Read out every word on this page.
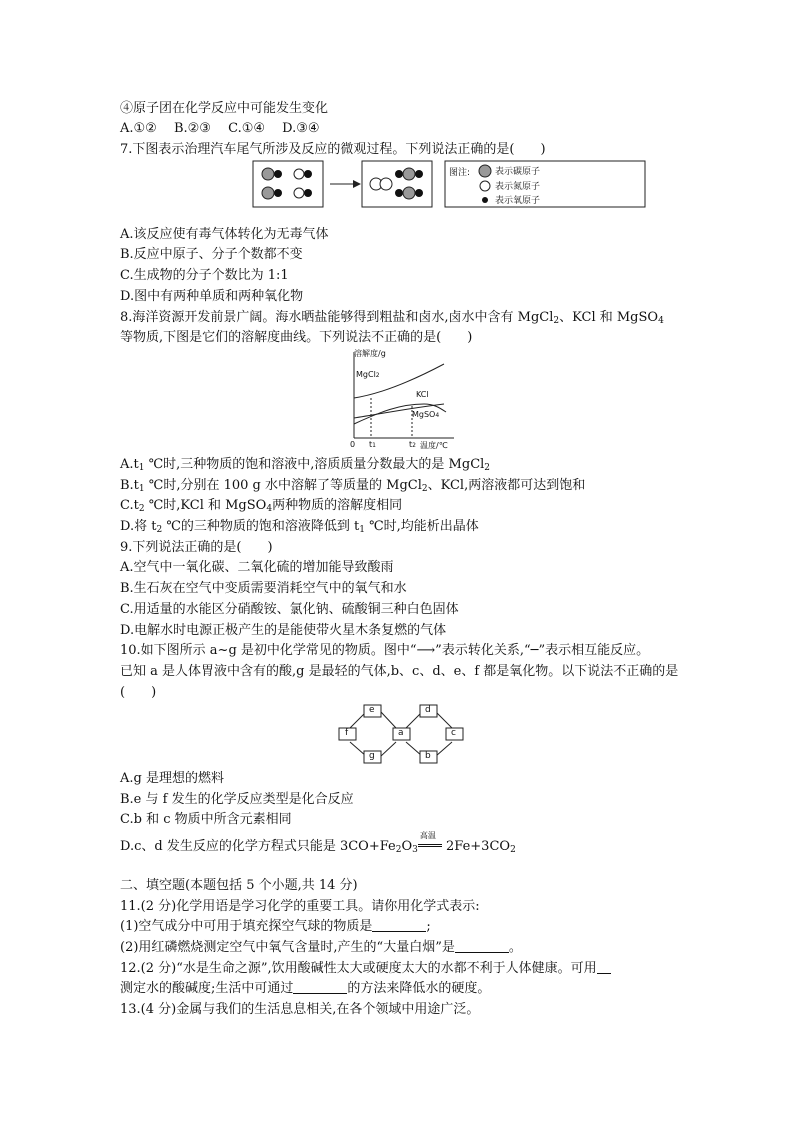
④原子团在化学反应中可能发生变化
A.①②　 B.②③　 C.①④　 D.③④
7.下图表示治理汽车尾气所涉及反应的微观过程。下列说法正确的是(　　)
图注:	表示碳原子
表示氮原子
表示氧原子
A.该反应使有毒气体转化为无毒气体
B.反应中原子、分子个数都不变
C.生成物的分子个数比为 1:1
D.图中有两种单质和两种氧化物
8.海洋资源开发前景广阔。海水晒盐能够得到粗盐和卤水,卤水中含有 MgCl$_2$、KCl 和 MgSO$_4$
等物质,下图是它们的溶解度曲线。下列说法不正确的是(　　)
溶解度/g
MgCl2
KCl
MgSO4
0 t1	t2 温度/℃
$A.t_1$ ℃时,三种物质的饱和溶液中,溶质质量分数最大的是 MgCl$_2$
$B.t_1$ ℃时,分别在 100 g 水中溶解了等质量的 MgCl$_2$、KCl,两溶液都可达到饱和
$C.t_2$ ℃时,KCl 和 MgSO$_4$两种物质的溶解度相同
D.将 $t_2$ ℃的三种物质的饱和溶液降低到 $t_1$ ℃时,均能析出晶体
9.下列说法正确的是(　　)
A.空气中一氧化碳、二氧化硫的增加能导致酸雨
B.生石灰在空气中变质需要消耗空气中的氧气和水
C.用适量的水能区分硝酸铵、氯化钠、硫酸铜三种白色固体
D.电解水时电源正极产生的是能使带火星木条复燃的气体
10.如下图所示 a~g 是初中化学常见的物质。图中“⟶”表示转化关系,“─”表示相互能反应。
已知 a 是人体胃液中含有的酸,g 是最轻的气体,b、c、d、e、f 都是氧化物。以下说法不正确的是
(　　)
e	d
f	a	c
g	b
A.g 是理想的燃料
B.e 与 f 发生的化学反应类型是化合反应
C.b 和 c 物质中所含元素相同
D.c、d 发生反应的化学方程式只能是 $3CO+Fe_2O_3$
高温
$2Fe+3CO_2$
二、填空题(本题包括 5 个小题,共 14 分)
11.(2 分)化学用语是学习化学的重要工具。请你用化学式表示:
(1)空气成分中可用于填充探空气球的物质是	;
(2)用红磷燃烧测定空气中氧气含量时,产生的“大量白烟”是	。
12.(2 分)“水是生命之源”,饮用酸碱性太大或硬度太大的水都不利于人体健康。可用
测定水的酸碱度;生活中可通过	的方法来降低水的硬度。
13.(4 分)金属与我们的生活息息相关,在各个领域中用途广泛。
